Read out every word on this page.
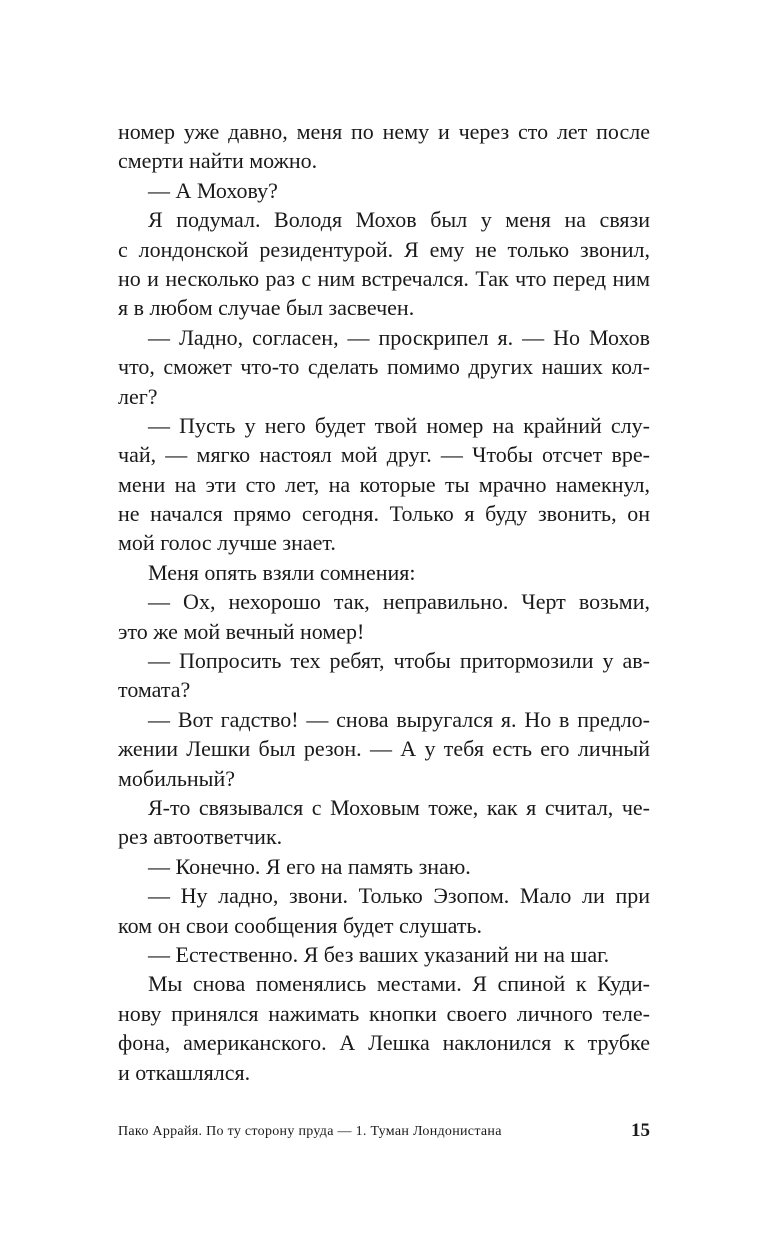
номер уже давно, меня по нему и через сто лет после
смерти найти можно.
— А Мохову?
Я подумал. Володя Мохов был у меня на связи
с лондонской резидентурой. Я ему не только звонил,
но и несколько раз с ним встречался. Так что перед ним
я в любом случае был засвечен.
— Ладно, согласен, — проскрипел я. — Но Мохов
что, сможет что-то сделать помимо других наших кол-
лег?
— Пусть у него будет твой номер на крайний слу-
чай, — мягко настоял мой друг. — Чтобы отсчет вре-
мени на эти сто лет, на которые ты мрачно намекнул,
не начался прямо сегодня. Только я буду звонить, он
мой голос лучше знает.
Меня опять взяли сомнения:
— Ох, нехорошо так, неправильно. Черт возьми,
это же мой вечный номер!
— Попросить тех ребят, чтобы притормозили у ав-
томата?
— Вот гадство! — снова выругался я. Но в предло-
жении Лешки был резон. — А у тебя есть его личный
мобильный?
Я-то связывался с Моховым тоже, как я считал, че-
рез автоответчик.
— Конечно. Я его на память знаю.
— Ну ладно, звони. Только Эзопом. Мало ли при
ком он свои сообщения будет слушать.
— Естественно. Я без ваших указаний ни на шаг.
Мы снова поменялись местами. Я спиной к Куди-
нову принялся нажимать кнопки своего личного теле-
фона, американского. А Лешка наклонился к трубке
и откашлялся.
Пако Аррайя. По ту сторону пруда — 1. Туман Лондонистана	15
